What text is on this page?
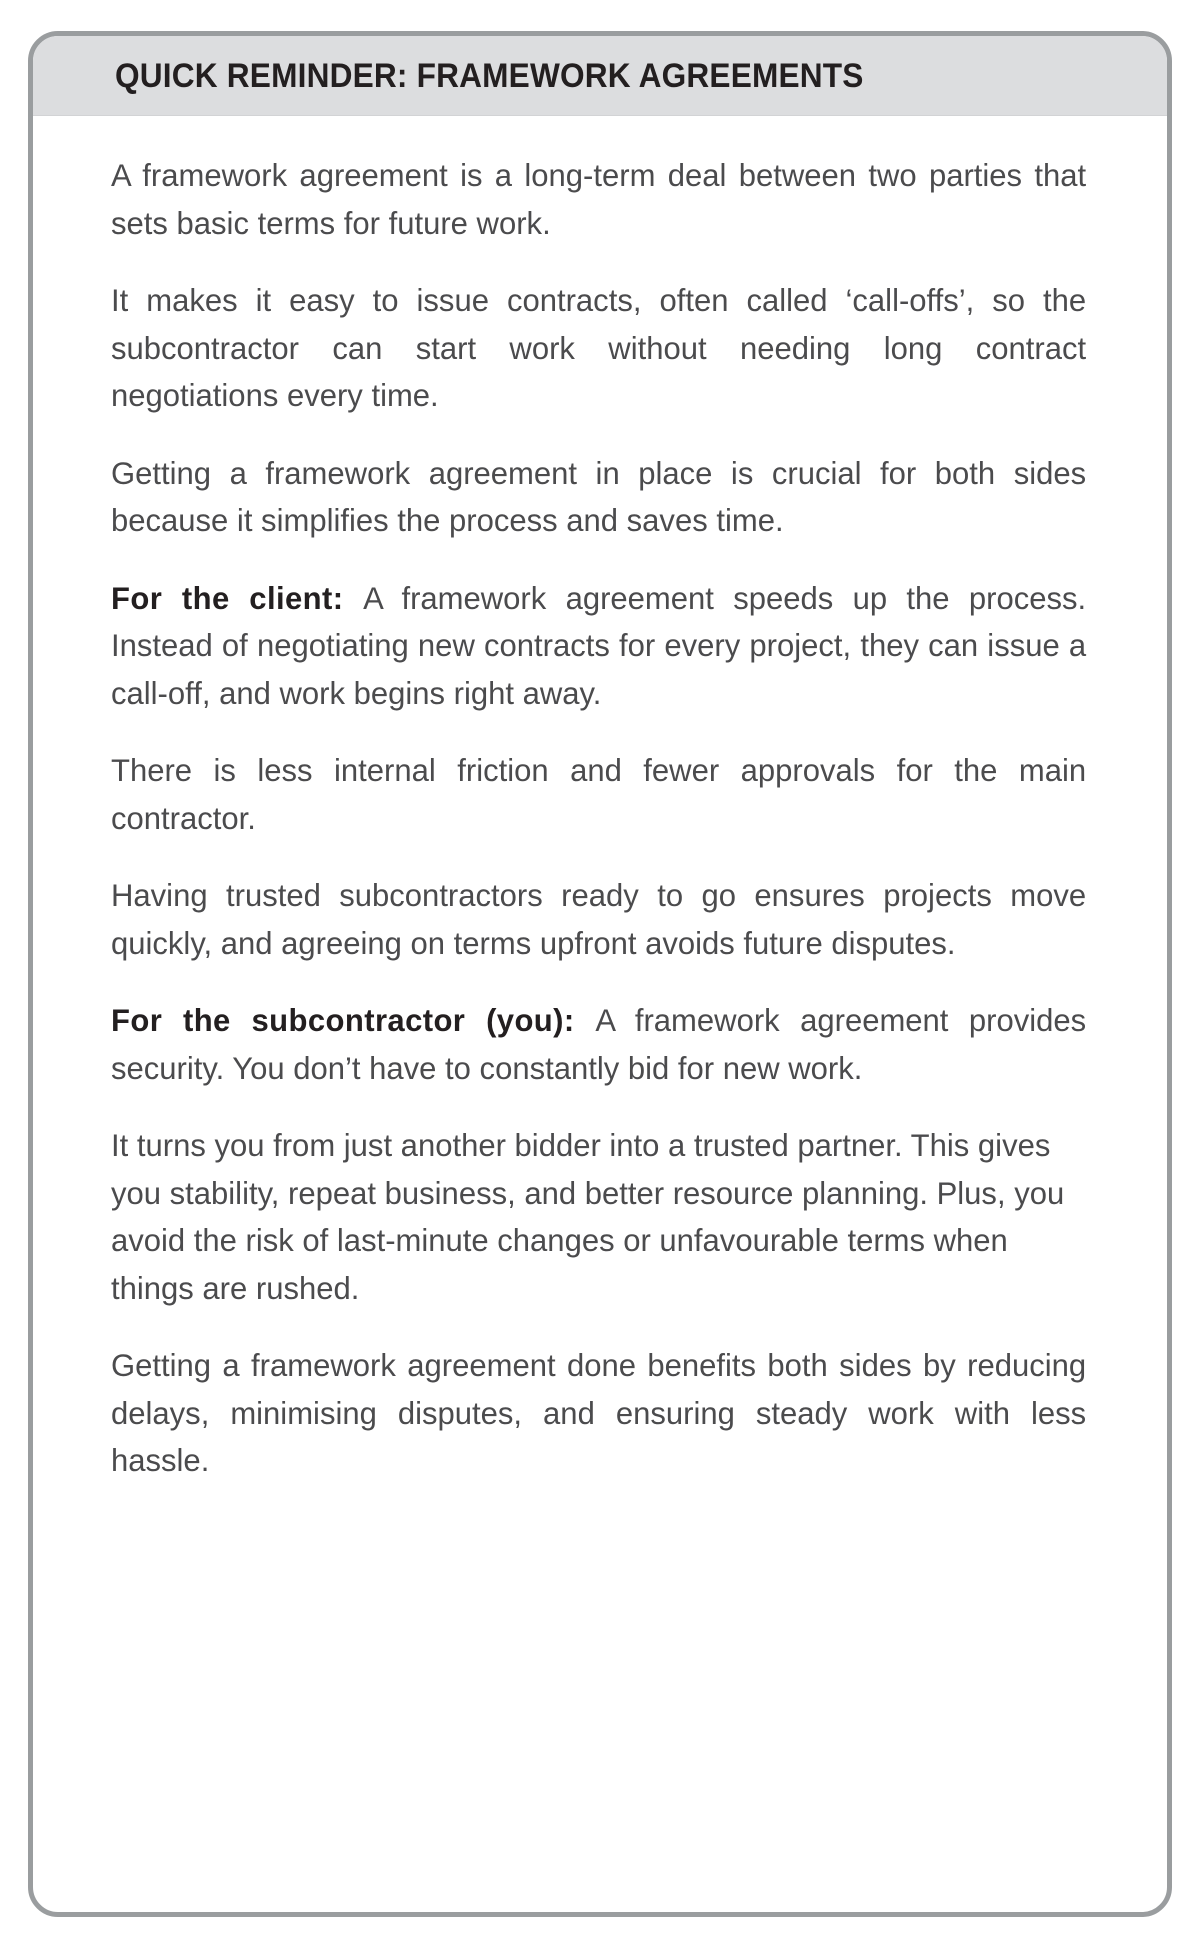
QUICK REMINDER: FRAMEWORK AGREEMENTS

A framework agreement is a long-term deal between two parties that sets basic terms for future work.

It makes it easy to issue contracts, often called ‘call-offs’, so the subcontractor can start work without needing long contract negotiations every time.

Getting a framework agreement in place is crucial for both sides because it simplifies the process and saves time.

For the client: A framework agreement speeds up the process. Instead of negotiating new contracts for every project, they can issue a call-off, and work begins right away.

There is less internal friction and fewer approvals for the main contractor.

Having trusted subcontractors ready to go ensures projects move quickly, and agreeing on terms upfront avoids future disputes.

For the subcontractor (you): A framework agreement provides security. You don’t have to constantly bid for new work.

It turns you from just another bidder into a trusted partner. This gives you stability, repeat business, and better resource planning. Plus, you avoid the risk of last-minute changes or unfavourable terms when things are rushed.

Getting a framework agreement done benefits both sides by reducing delays, minimising disputes, and ensuring steady work with less hassle.
